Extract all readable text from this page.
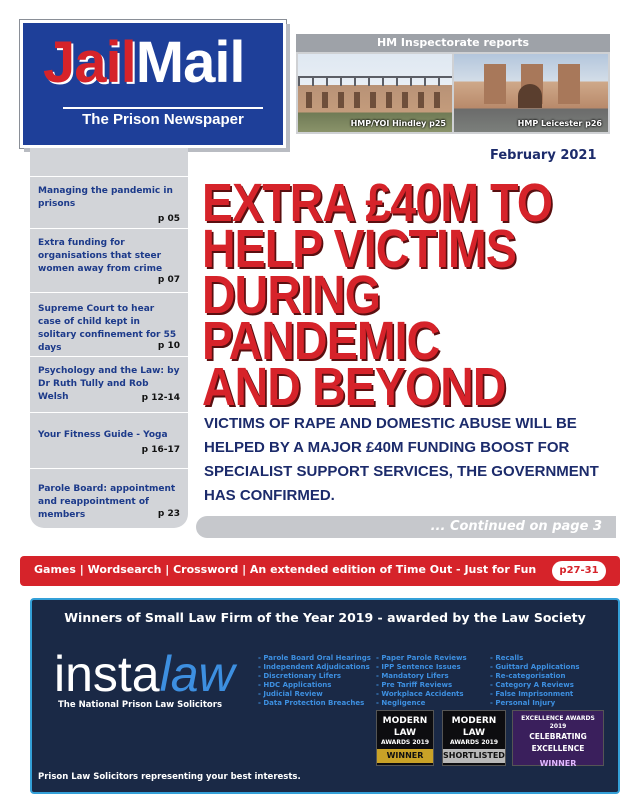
JailMail
The Prison Newspaper
HM Inspectorate reports
HMP/YOI Hindley p25	HMP Leicester p26
February 2021
Managing the pandemic in prisons
p 05
Extra funding for organisations that steer women away from crime
p 07
Supreme Court to hear case of child kept in solitary confinement for 55 days	p 10
Psychology and the Law: by Dr Ruth Tully and Rob Welsh	p 12-14
Your Fitness Guide - Yoga
p 16-17
Parole Board: appointment and reappointment of members	p 23
EXTRA £40M TO
HELP VICTIMS
DURING
PANDEMIC
AND BEYOND
VICTIMS OF RAPE AND DOMESTIC ABUSE WILL BE HELPED BY A MAJOR £40M FUNDING BOOST FOR SPECIALIST SUPPORT SERVICES, THE GOVERNMENT HAS CONFIRMED.
... Continued on page 3
Games | Wordsearch | Crossword | An extended edition of Time Out - Just for Fun	p27-31
Winners of Small Law Firm of the Year 2019 - awarded by the Law Society
instalaw
The National Prison Law Solicitors
- Parole Board Oral Hearings
- Independent Adjudications
- Discretionary Lifers
- HDC Applications
- Judicial Review
- Data Protection Breaches
- Paper Parole Reviews
- IPP Sentence Issues
- Mandatory Lifers
- Pre Tariff Reviews
- Workplace Accidents
- Negligence
- Recalls
- Guittard Applications
- Re-categorisation
- Category A Reviews
- False Imprisonment
- Personal Injury
MODERN LAW
AWARDS 2019
WINNER
MODERN LAW
AWARDS 2019
SHORTLISTED
EXCELLENCE AWARDS 2019
CELEBRATING EXCELLENCE
WINNER
Prison Law Solicitors representing your best interests.
